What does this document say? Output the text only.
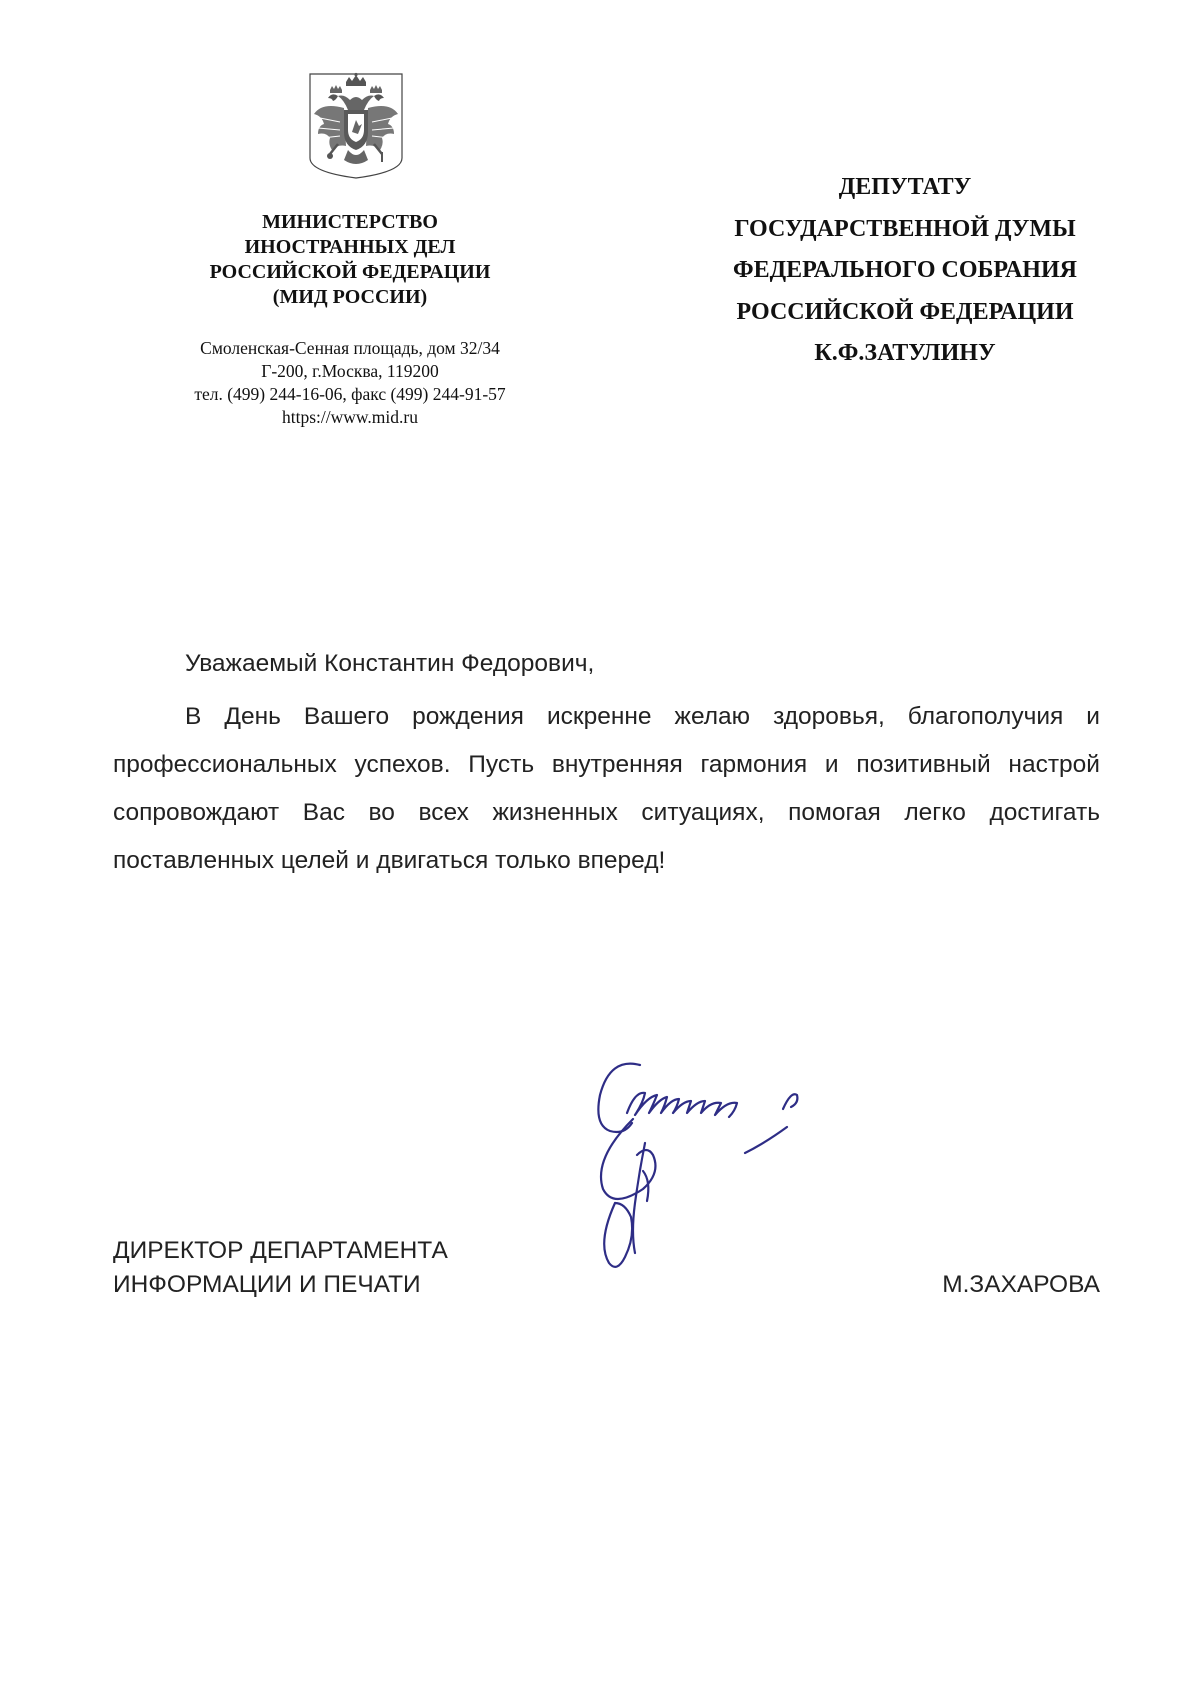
МИНИСТЕРСТВО
ИНОСТРАННЫХ ДЕЛ
РОССИЙСКОЙ ФЕДЕРАЦИИ
(МИД РОССИИ)
Смоленская-Сенная площадь, дом 32/34
Г-200, г.Москва, 119200
тел. (499) 244-16-06, факс (499) 244-91-57
https://www.mid.ru
ДЕПУТАТУ
ГОСУДАРСТВЕННОЙ ДУМЫ
ФЕДЕРАЛЬНОГО СОБРАНИЯ
РОССИЙСКОЙ ФЕДЕРАЦИИ
К.Ф.ЗАТУЛИНУ
Уважаемый Константин Федорович,
В День Вашего рождения искренне желаю здоровья, благополучия и
профессиональных успехов. Пусть внутренняя гармония и позитивный настрой
сопровождают Вас во всех жизненных ситуациях, помогая легко достигать
поставленных целей и двигаться только вперед!
ДИРЕКТОР ДЕПАРТАМЕНТА
ИНФОРМАЦИИ И ПЕЧАТИ	М.ЗАХАРОВА
